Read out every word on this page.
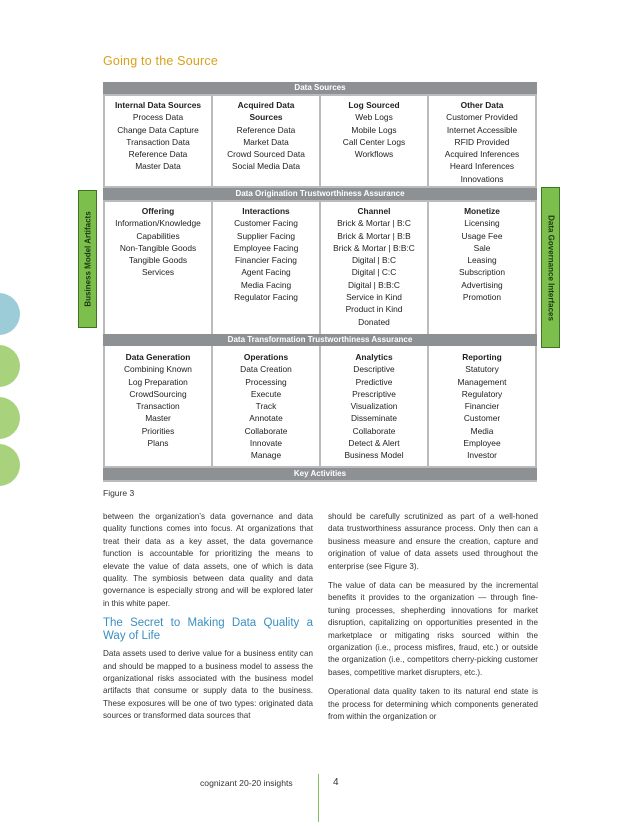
Going to the Source
Business Model Artifacts	Data Governance Interfaces
Data Sources
Internal Data Sources
Process Data
Change Data Capture
Transaction Data
Reference Data
Master Data
Acquired Data
Sources
Reference Data
Market Data
Crowd Sourced Data
Social Media Data
Log Sourced
Web Logs
Mobile Logs
Call Center Logs
Workflows
Other Data
Customer Provided
Internet Accessible
RFID Provided
Acquired Inferences
Heard Inferences
Innovations
Data Origination Trustworthiness Assurance
Offering
Information/Knowledge
Capabilities
Non-Tangible Goods
Tangible Goods
Services
Interactions
Customer Facing
Supplier Facing
Employee Facing
Financier Facing
Agent Facing
Media Facing
Regulator Facing
Channel
Brick & Mortar | B:C
Brick & Mortar | B:B
Brick & Mortar | B:B:C
Digital | B:C
Digital | C:C
Digital | B:B:C
Service in Kind
Product in Kind
Donated
Monetize
Licensing
Usage Fee
Sale
Leasing
Subscription
Advertising
Promotion
Data Transformation Trustworthiness Assurance
Data Generation
Combining Known
Log Preparation
CrowdSourcing
Transaction
Master
Priorities
Plans
Operations
Data Creation
Processing
Execute
Track
Annotate
Collaborate
Innovate
Manage
Analytics
Descriptive
Predictive
Prescriptive
Visualization
Disseminate
Collaborate
Detect & Alert
Business Model
Reporting
Statutory
Management
Regulatory
Financier
Customer
Media
Employee
Investor
Key Activities
Figure 3

between the organization’s data governance and data quality functions comes into focus. At organizations that treat their data as a key asset, the data governance function is accountable for prioritizing the means to elevate the value of data assets, one of which is data quality. The symbiosis between data quality and data governance is especially strong and will be explored later in this white paper.

The Secret to Making Data Quality a Way of Life

Data assets used to derive value for a business entity can and should be mapped to a business model to assess the organizational risks associated with the business model artifacts that consume or supply data to the business. These exposures will be one of two types: originated data sources or transformed data sources that

should be carefully scrutinized as part of a well-honed data trustworthiness assurance process. Only then can a business measure and ensure the creation, capture and origination of value of data assets used throughout the enterprise (see Figure 3).

The value of data can be measured by the incremental benefits it provides to the organization — through fine-tuning processes, shepherding innovations for market disruption, capitalizing on opportunities presented in the marketplace or mitigating risks sourced within the organization (i.e., process misfires, fraud, etc.) or outside the organization (i.e., competitors cherry-picking customer bases, competitive market disrupters, etc.).

Operational data quality taken to its natural end state is the process for determining which components generated from within the organization or

cognizant 20-20 insights	4
